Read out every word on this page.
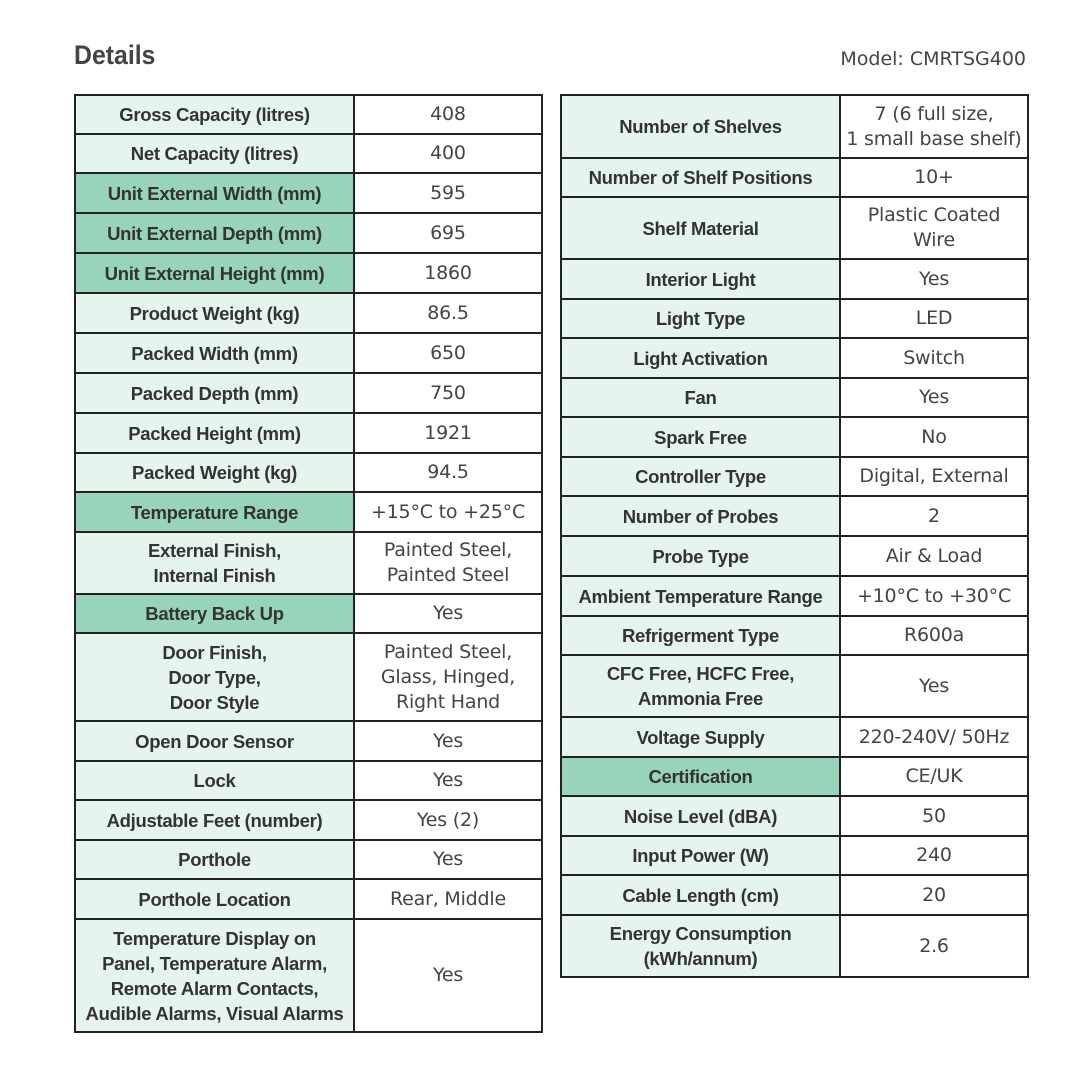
Details	Model: CMRTSG400
Gross Capacity (litres)	408
Net Capacity (litres)	400
Unit External Width (mm)	595
Unit External Depth (mm)	695
Unit External Height (mm)	1860
Product Weight (kg)	86.5
Packed Width (mm)	650
Packed Depth (mm)	750
Packed Height (mm)	1921
Packed Weight (kg)	94.5
Temperature Range	+15°C to +25°C
External Finish,
Internal Finish	Painted Steel,
Painted Steel
Battery Back Up	Yes
Door Finish,
Door Type,
Door Style	Painted Steel,
Glass, Hinged,
Right Hand
Open Door Sensor	Yes
Lock	Yes
Adjustable Feet (number)	Yes (2)
Porthole	Yes
Porthole Location	Rear, Middle
Temperature Display on
Panel, Temperature Alarm,
Remote Alarm Contacts,
Audible Alarms, Visual Alarms	Yes
Number of Shelves	7 (6 full size,
1 small base shelf)
Number of Shelf Positions	10+
Shelf Material	Plastic Coated
Wire
Interior Light	Yes
Light Type	LED
Light Activation	Switch
Fan	Yes
Spark Free	No
Controller Type	Digital, External
Number of Probes	2
Probe Type	Air & Load
Ambient Temperature Range	+10°C to +30°C
Refrigerment Type	R600a
CFC Free, HCFC Free,
Ammonia Free	Yes
Voltage Supply	220-240V/ 50Hz
Certification	CE/UK
Noise Level (dBA)	50
Input Power (W)	240
Cable Length (cm)	20
Energy Consumption
(kWh/annum)	2.6
